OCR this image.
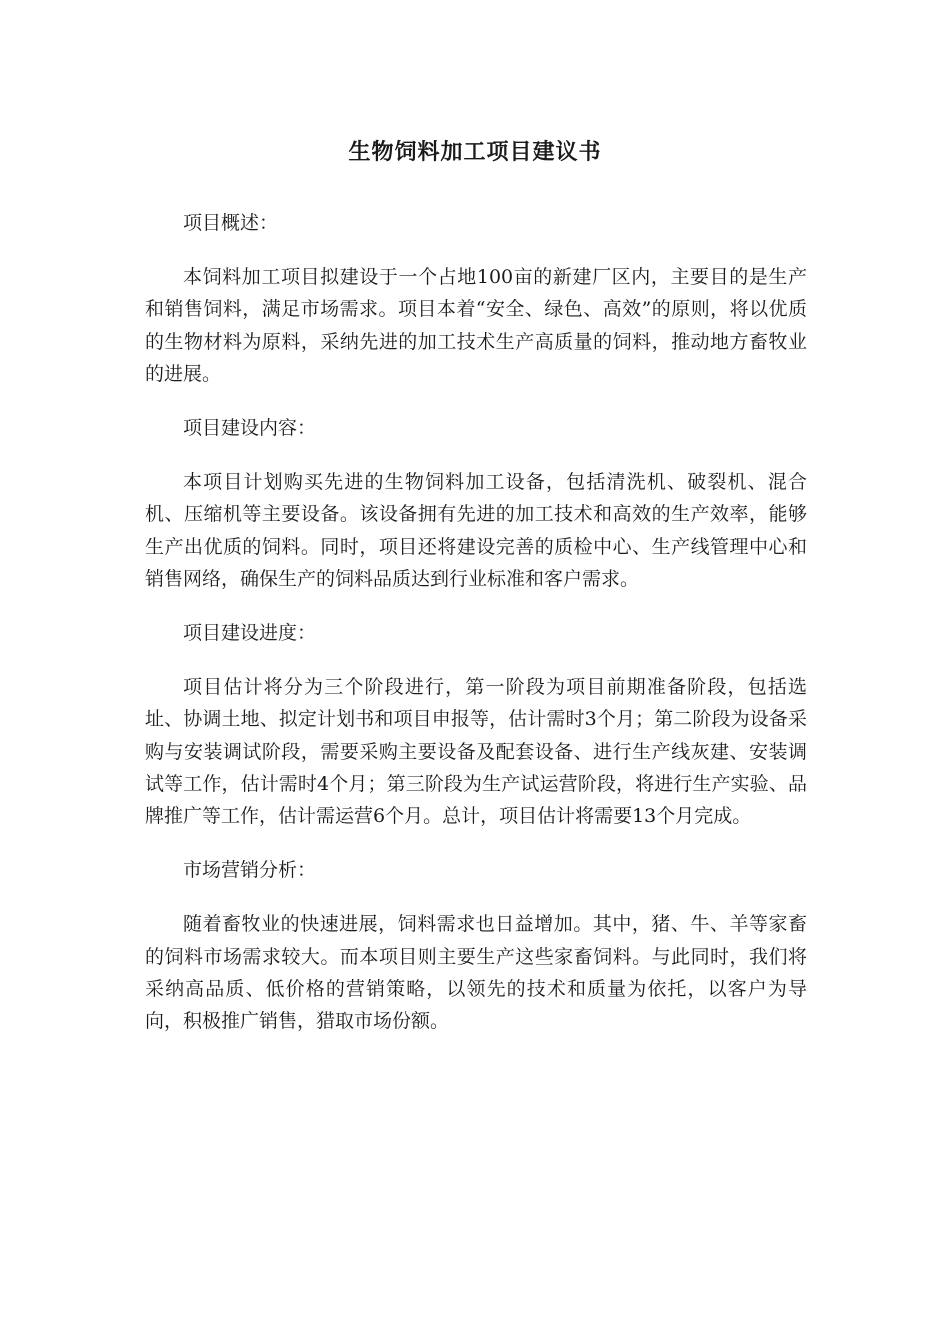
生物饲料加工项目建议书

项目概述：

本饲料加工项目拟建设于一个占地100亩的新建厂区内，主要目的是生产和销售饲料，满足市场需求。项目本着“安全、绿色、高效”的原则，将以优质的生物材料为原料，采纳先进的加工技术生产高质量的饲料，推动地方畜牧业的进展。

项目建设内容：

本项目计划购买先进的生物饲料加工设备，包括清洗机、破裂机、混合机、压缩机等主要设备。该设备拥有先进的加工技术和高效的生产效率，能够生产出优质的饲料。同时，项目还将建设完善的质检中心、生产线管理中心和销售网络，确保生产的饲料品质达到行业标准和客户需求。

项目建设进度：

项目估计将分为三个阶段进行，第一阶段为项目前期准备阶段，包括选址、协调土地、拟定计划书和项目申报等，估计需时3个月；第二阶段为设备采购与安装调试阶段，需要采购主要设备及配套设备、进行生产线灰建、安装调试等工作，估计需时4个月；第三阶段为生产试运营阶段，将进行生产实验、品牌推广等工作，估计需运营6个月。总计，项目估计将需要13个月完成。

市场营销分析：

随着畜牧业的快速进展，饲料需求也日益增加。其中，猪、牛、羊等家畜的饲料市场需求较大。而本项目则主要生产这些家畜饲料。与此同时，我们将采纳高品质、低价格的营销策略，以领先的技术和质量为依托，以客户为导向，积极推广销售，猎取市场份额。
